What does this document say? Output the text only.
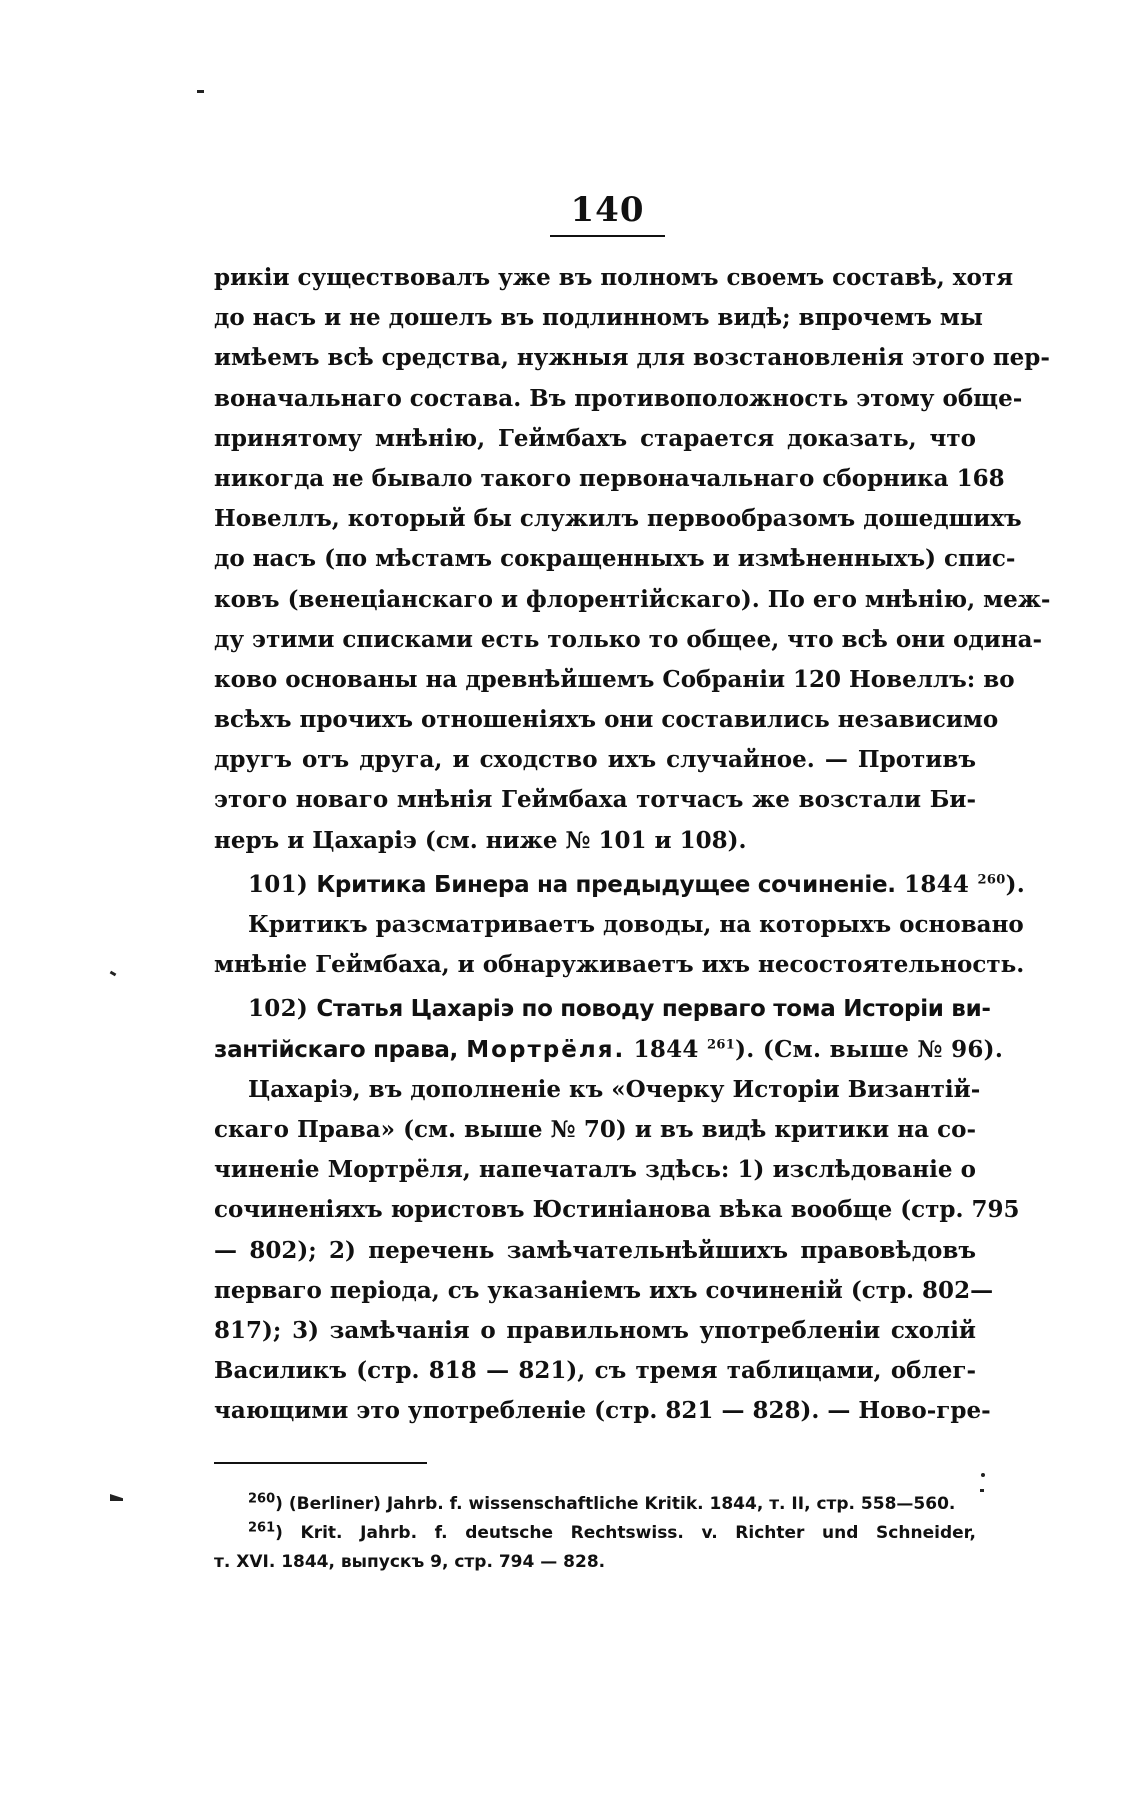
140
рикіи существовалъ уже въ полномъ своемъ составѣ, хотя
до насъ и не дошелъ въ подлинномъ видѣ; впрочемъ мы
имѣемъ всѣ средства, нужныя для возстановленія этого пер-
воначальнаго состава. Въ противоположность этому обще-
принятому мнѣнію, Геймбахъ старается доказать, что
никогда не бывало такого первоначальнаго сборника 168
Новеллъ, который бы служилъ первообразомъ дошедшихъ
до насъ (по мѣстамъ сокращенныхъ и измѣненныхъ) спис-
ковъ (венеціанскаго и флорентійскаго). По его мнѣнію, меж-
ду этими списками есть только то общее, что всѣ они одина-
ково основаны на древнѣйшемъ Собраніи 120 Новеллъ: во
всѣхъ прочихъ отношеніяхъ они составились независимо
другъ отъ друга, и сходство ихъ случайное. — Противъ
этого новаго мнѣнія Геймбаха тотчасъ же возстали Би-
неръ и Цахаріэ (см. ниже № 101 и 108).
101) Критика Бинера на предыдущее сочиненіе. 1844 $^{260}$).
Критикъ разсматриваетъ доводы, на которыхъ основано
мнѣніе Геймбаха, и обнаруживаетъ ихъ несостоятельность.
102) Статья Цахаріэ по поводу перваго тома Исторіи ви-
зантійскаго права, Мортрёля. 1844 $^{261}$). (См. выше № 96).
Цахаріэ, въ дополненіе къ «Очерку Исторіи Византій-
скаго Права» (см. выше № 70) и въ видѣ критики на со-
чиненіе Мортрёля, напечаталъ здѣсь: 1) изслѣдованіе о
сочиненіяхъ юристовъ Юстиніанова вѣка вообще (стр. 795
— 802); 2) перечень замѣчательнѣйшихъ правовѣдовъ
перваго періода, съ указаніемъ ихъ сочиненій (стр. 802—
817); 3) замѣчанія о правильномъ употребленіи схолій
Василикъ (стр. 818 — 821), съ тремя таблицами, облег-
чающими это употребленіе (стр. 821 — 828). — Ново-гре-
$^{260}$) (Berliner) Jahrb. f. wissenschaftliche Kritik. 1844, т. II, стр. 558—560.
$^{261}$) Krit. Jahrb. f. deutsche Rechtswiss. v. Richter und Schneider,
т. XVI. 1844, выпускъ 9, стр. 794 — 828.
